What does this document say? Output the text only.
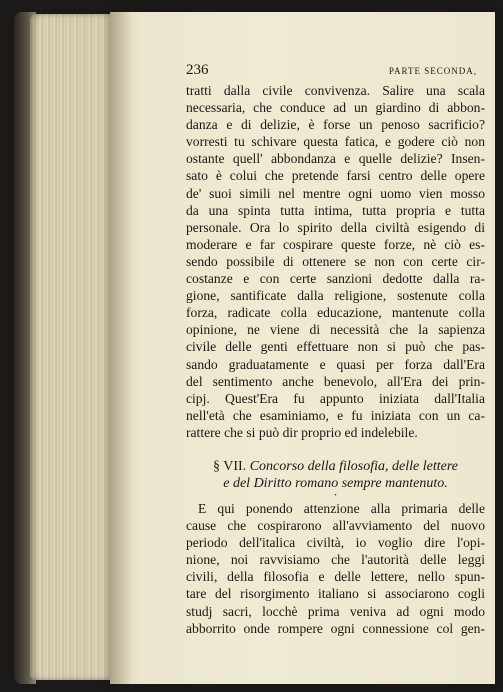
236	PARTE SECONDA,

tratti dalla civile convivenza. Salire una scala
necessaria, che conduce ad un giardino di abbon-
danza e di delizie, è forse un penoso sacrificio?
vorresti tu schivare questa fatica, e godere ciò non
ostante quell' abbondanza e quelle delizie? Insen-
sato è colui che pretende farsi centro delle opere
de' suoi simili nel mentre ogni uomo vien mosso
da una spinta tutta intima, tutta propria e tutta
personale. Ora lo spirito della civiltà esigendo di
moderare e far cospirare queste forze, nè ciò es-
sendo possibile di ottenere se non con certe cir-
costanze e con certe sanzioni dedotte dalla ra-
gione, santificate dalla religione, sostenute colla
forza, radicate colla educazione, mantenute colla
opinione, ne viene di necessità che la sapienza
civile delle genti effettuare non si può che pas-
sando graduatamente e quasi per forza dall'Era
del sentimento anche benevolo, all'Era dei prin-
cipj. Quest'Era fu appunto iniziata dall'Italia
nell'età che esaminiamo, e fu iniziata con un ca-
rattere che si può dir proprio ed indelebile.

§ VII. Concorso della filosofia, delle lettere
e del Diritto romano sempre mantenuto.
•

E qui ponendo attenzione alla primaria delle
cause che cospirarono all'avviamento del nuovo
periodo dell'italica civiltà, io voglio dire l'opi-
nione, noi ravvisiamo che l'autorità delle leggi
civili, della filosofia e delle lettere, nello spun-
tare del risorgimento italiano si associarono cogli
studj sacri, locchè prima veniva ad ogni modo
abborrito onde rompere ogni connessione col gen-
